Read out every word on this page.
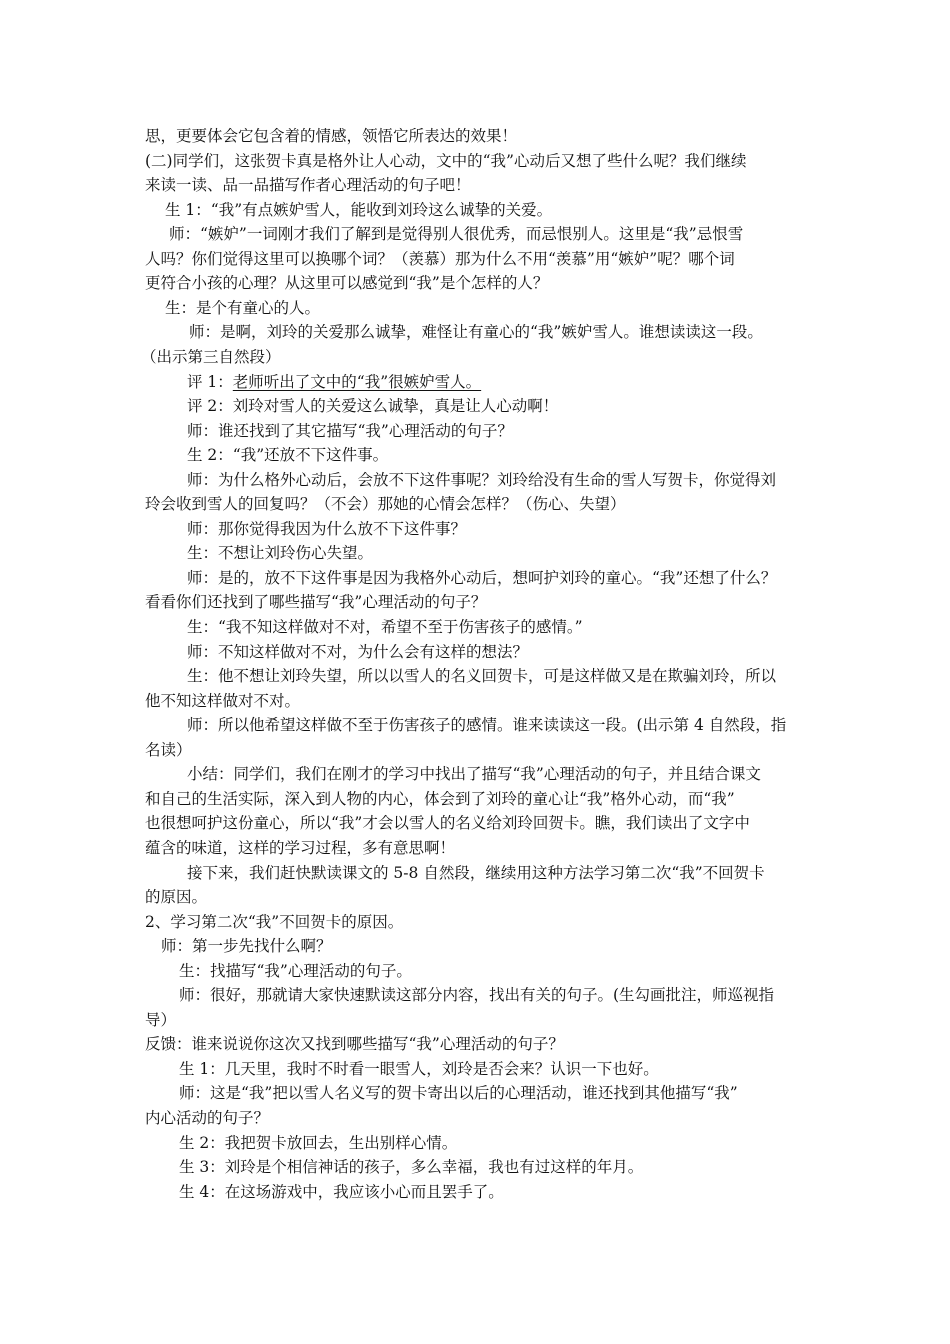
思，更要体会它包含着的情感，领悟它所表达的效果！
(二)同学们，这张贺卡真是格外让人心动，文中的“我”心动后又想了些什么呢？我们继续
来读一读、品一品描写作者心理活动的句子吧！
生 1：“我”有点嫉妒雪人，能收到刘玲这么诚挚的关爱。
师：“嫉妒”一词刚才我们了解到是觉得别人很优秀，而忌恨别人。这里是“我”忌恨雪
人吗？你们觉得这里可以换哪个词？（羡慕）那为什么不用“羡慕”用“嫉妒”呢？哪个词
更符合小孩的心理？从这里可以感觉到“我”是个怎样的人？
生：是个有童心的人。
师：是啊，刘玲的关爱那么诚挚，难怪让有童心的“我”嫉妒雪人。谁想读读这一段。
（出示第三自然段）
评 1：老师听出了文中的“我”很嫉妒雪人。
评 2：刘玲对雪人的关爱这么诚挚，真是让人心动啊！
师：谁还找到了其它描写“我”心理活动的句子？
生 2：“我”还放不下这件事。
师：为什么格外心动后，会放不下这件事呢？刘玲给没有生命的雪人写贺卡，你觉得刘
玲会收到雪人的回复吗？（不会）那她的心情会怎样？（伤心、失望）
师：那你觉得我因为什么放不下这件事？
生：不想让刘玲伤心失望。
师：是的，放不下这件事是因为我格外心动后，想呵护刘玲的童心。“我”还想了什么？
看看你们还找到了哪些描写“我”心理活动的句子？
生：“我不知这样做对不对，希望不至于伤害孩子的感情。”
师：不知这样做对不对，为什么会有这样的想法？
生：他不想让刘玲失望，所以以雪人的名义回贺卡，可是这样做又是在欺骗刘玲，所以
他不知这样做对不对。
师：所以他希望这样做不至于伤害孩子的感情。谁来读读这一段。(出示第 4 自然段，指
名读）
小结：同学们，我们在刚才的学习中找出了描写“我”心理活动的句子，并且结合课文
和自己的生活实际，深入到人物的内心，体会到了刘玲的童心让“我”格外心动，而“我”
也很想呵护这份童心，所以“我”才会以雪人的名义给刘玲回贺卡。瞧，我们读出了文字中
蕴含的味道，这样的学习过程，多有意思啊！
接下来，我们赶快默读课文的 5-8 自然段，继续用这种方法学习第二次“我”不回贺卡
的原因。
2、学习第二次“我”不回贺卡的原因。
师：第一步先找什么啊？
生：找描写“我”心理活动的句子。
师：很好，那就请大家快速默读这部分内容，找出有关的句子。(生勾画批注，师巡视指
导）
反馈：谁来说说你这次又找到哪些描写“我”心理活动的句子？
生 1：几天里，我时不时看一眼雪人，刘玲是否会来？认识一下也好。
师：这是“我”把以雪人名义写的贺卡寄出以后的心理活动，谁还找到其他描写“我”
内心活动的句子？
生 2：我把贺卡放回去，生出别样心情。
生 3：刘玲是个相信神话的孩子，多么幸福，我也有过这样的年月。
生 4：在这场游戏中，我应该小心而且罢手了。
